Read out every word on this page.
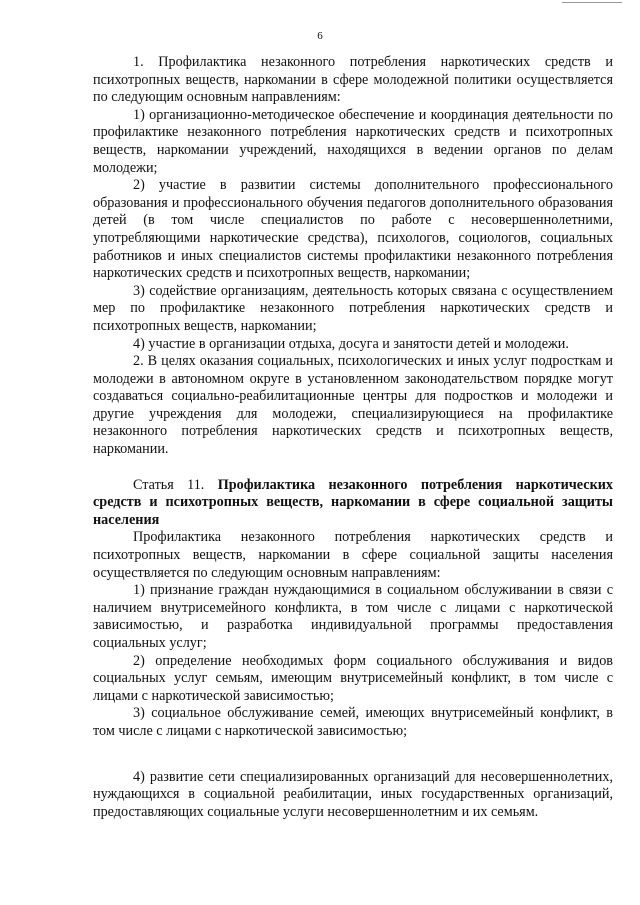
6

1. Профилактика незаконного потребления наркотических средств и психотропных веществ, наркомании в сфере молодежной политики осуществляется по следующим основным направлениям:

1) организационно-методическое обеспечение и координация деятельности по профилактике незаконного потребления наркотических средств и психотропных веществ, наркомании учреждений, находящихся в ведении органов по делам молодежи;

2) участие в развитии системы дополнительного профессионального образования и профессионального обучения педагогов дополнительного образования детей (в том числе специалистов по работе с несовершеннолетними, употребляющими наркотические средства), психологов, социологов, социальных работников и иных специалистов системы профилактики незаконного потребления наркотических средств и психотропных веществ, наркомании;

3) содействие организациям, деятельность которых связана с осуществлением мер по профилактике незаконного потребления наркотических средств и психотропных веществ, наркомании;

4) участие в организации отдыха, досуга и занятости детей и молодежи.

2. В целях оказания социальных, психологических и иных услуг подросткам и молодежи в автономном округе в установленном законодательством порядке могут создаваться социально-реабилитационные центры для подростков и молодежи и другие учреждения для молодежи, специализирующиеся на профилактике незаконного потребления наркотических средств и психотропных веществ, наркомании.

Статья 11. Профилактика незаконного потребления наркотических средств и психотропных веществ, наркомании в сфере социальной защиты населения

Профилактика незаконного потребления наркотических средств и психотропных веществ, наркомании в сфере социальной защиты населения осуществляется по следующим основным направлениям:

1) признание граждан нуждающимися в социальном обслуживании в связи с наличием внутрисемейного конфликта, в том числе с лицами с наркотической зависимостью, и разработка индивидуальной программы предоставления социальных услуг;

2) определение необходимых форм социального обслуживания и видов социальных услуг семьям, имеющим внутрисемейный конфликт, в том числе с лицами с наркотической зависимостью;

3) социальное обслуживание семей, имеющих внутрисемейный конфликт, в том числе с лицами с наркотической зависимостью;

4) развитие сети специализированных организаций для несовершеннолетних, нуждающихся в социальной реабилитации, иных государственных организаций, предоставляющих социальные услуги несовершеннолетним и их семьям.
